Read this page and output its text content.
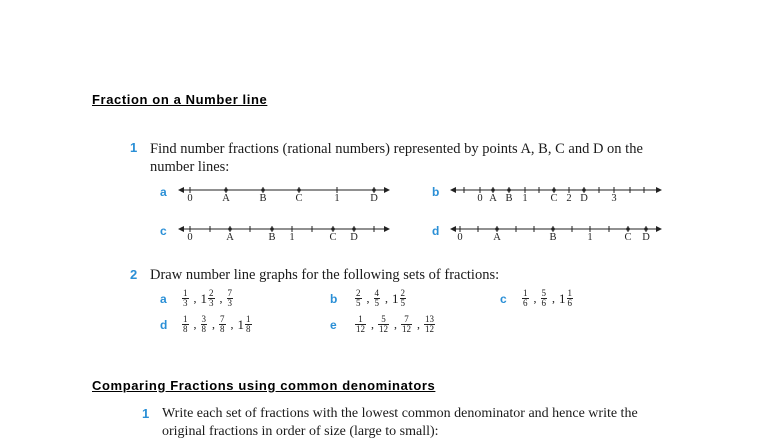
Fraction on a Number line
1 Find number fractions (rational numbers) represented by points A, B, C and D on the
number lines:
a 0	A	B	C	1	D	b	0 A B 1 C 2 D 3
c 0	A	B 1	C D	d 0	A	B	1	C D
2 Draw number line graphs for the following sets of fractions:
a $\frac{1}{3}$ , $1 \frac{2}{3}$ , $\frac{7}{3}$	b $\frac{2}{5}$ , $\frac{4}{5}$ , $1 \frac{2}{5}$	c $\frac{1}{6}$ , $\frac{5}{6}$ , $1 \frac{1}{6}$
d $\frac{1}{8}$ , $\frac{3}{8}$ , $\frac{7}{8}$ , $1 \frac{1}{8}$	e $\frac{1}{12}$ , $\frac{5}{12}$ , $\frac{7}{12}$ , $\frac{13}{12}$
Comparing Fractions using common denominators
1 Write each set of fractions with the lowest common denominator and hence write the
original fractions in order of size (large to small):
